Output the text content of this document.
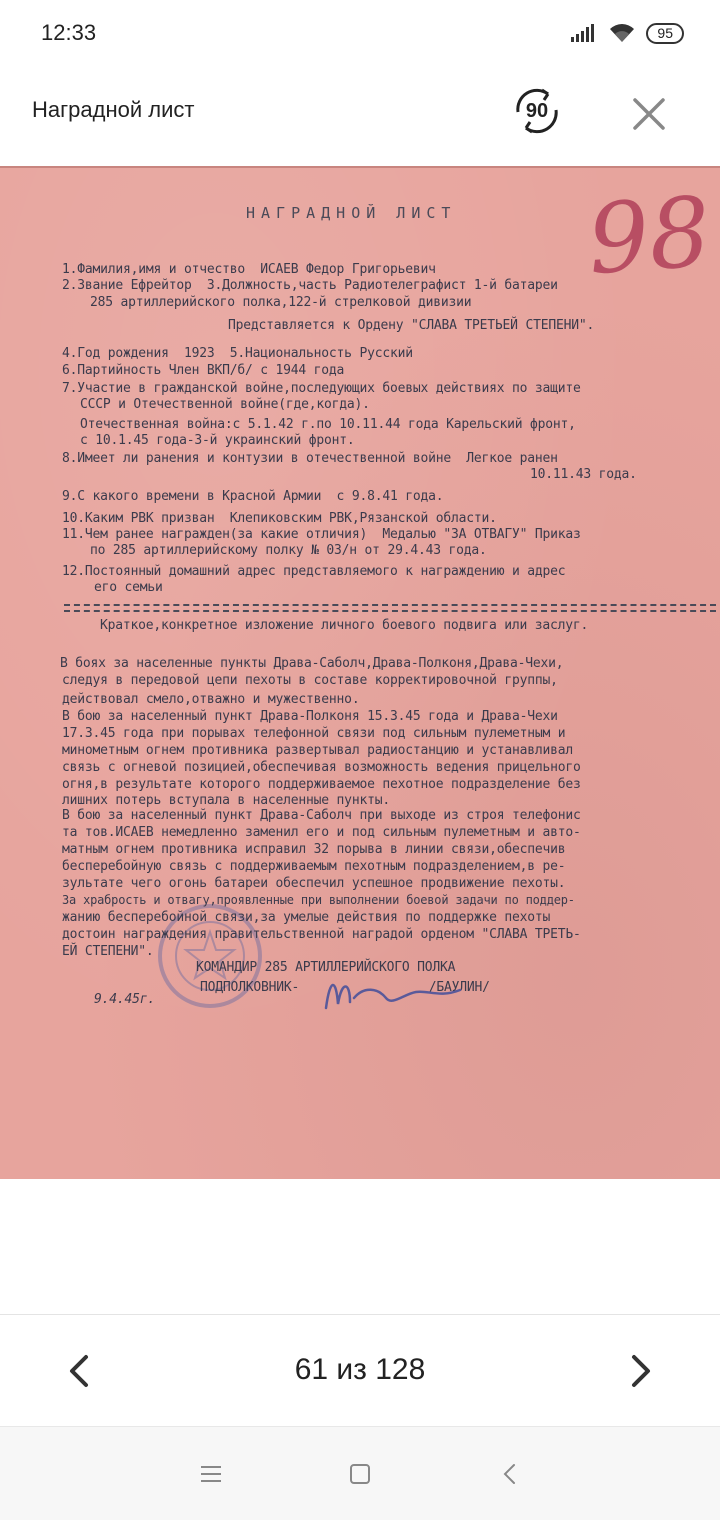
12:33	95
Наградной лист	90
НАГРАДНОЙ ЛИСТ 98
1.Фамилия,имя и отчество  ИСАЕВ Федор Григорьевич
2.Звание Ефрейтор  3.Должность,часть Радиотелеграфист 1-й батареи
285 артиллерийского полка,122-й стрелковой дивизии
Представляется к Ордену "СЛАВА ТРЕТЬЕЙ СТЕПЕНИ".
4.Год рождения  1923  5.Национальность Русский
6.Партийность Член ВКП/б/ с 1944 года
7.Участие в гражданской войне,последующих боевых действиях по защите
СССР и Отечественной войне(где,когда).
Отечественная война:с 5.1.42 г.по 10.11.44 года Карельский фронт,
с 10.1.45 года-3-й украинский фронт.
8.Имеет ли ранения и контузии в отечественной войне  Легкое ранен
10.11.43 года.
9.С какого времени в Красной Армии  с 9.8.41 года.
10.Каким РВК призван  Клепиковским РВК,Рязанской области.
11.Чем ранее награжден(за какие отличия)  Медалью "ЗА ОТВАГУ" Приказ
по 285 артиллерийскому полку № 03/н от 29.4.43 года.
12.Постоянный домашний адрес представляемого к награждению и адрес
его семьи
Краткое,конкретное изложение личного боевого подвига или заслуг.
В боях за населенные пункты Драва-Саболч,Драва-Полконя,Драва-Чехи,
следуя в передовой цепи пехоты в составе корректировочной группы,
действовал смело,отважно и мужественно.
В бою за населенный пункт Драва-Полконя 15.3.45 года и Драва-Чехи
17.3.45 года при порывах телефонной связи под сильным пулеметным и
минометным огнем противника развертывал радиостанцию и устанавливал
связь с огневой позицией,обеспечивая возможность ведения прицельного
огня,в результате которого поддерживаемое пехотное подразделение без
лишних потерь вступала в населенные пункты.
В бою за населенный пункт Драва-Саболч при выходе из строя телефонис
та тов.ИСАЕВ немедленно заменил его и под сильным пулеметным и авто-
матным огнем противника исправил 32 порыва в линии связи,обеспечив
бесперебойную связь с поддерживаемым пехотным подразделением,в ре-
зультате чего огонь батареи обеспечил успешное продвижение пехоты.
За храбрость и отвагу,проявленные при выполнении боевой задачи по поддер-
жанию бесперебойной связи,за умелые действия по поддержке пехоты
достоин награждения правительственной наградой орденом "СЛАВА ТРЕТЬ-
ЕЙ СТЕПЕНИ".
КОМАНДИР 285 АРТИЛЛЕРИЙСКОГО ПОЛКА
ПОДПОЛКОВНИК-                 /БАУЛИН/
9.4.45г.
61 из 128
